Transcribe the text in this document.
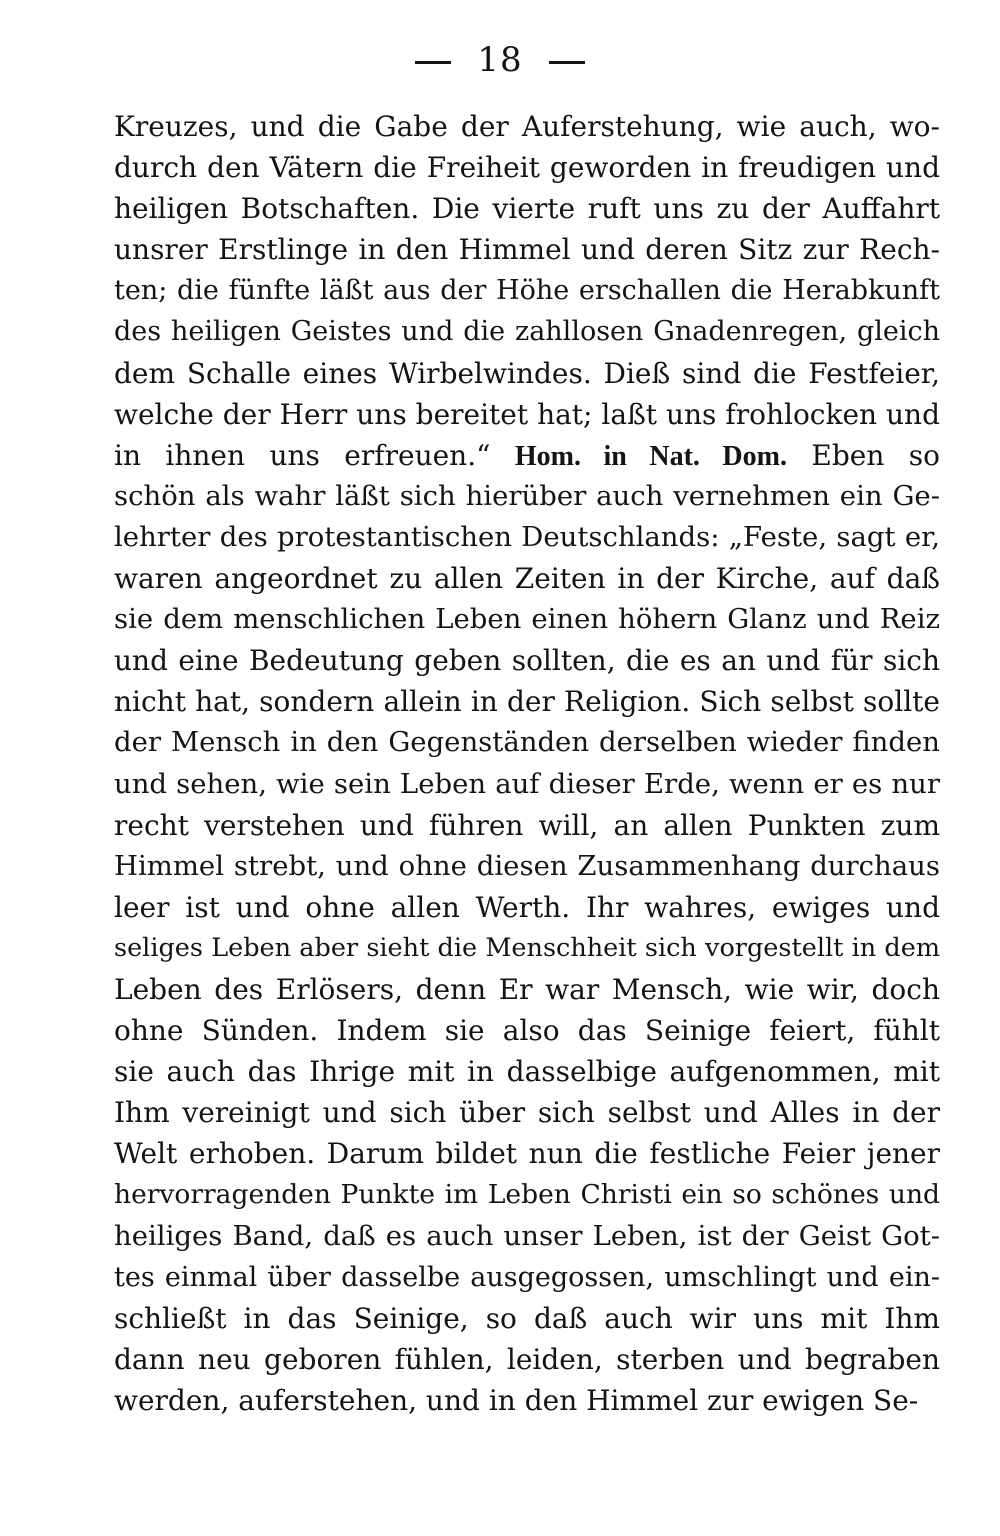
18
Kreuzes, und die Gabe der Auferstehung, wie auch, wo-
durch den Vätern die Freiheit geworden in freudigen und
heiligen Botschaften. Die vierte ruft uns zu der Auffahrt
unsrer Erstlinge in den Himmel und deren Sitz zur Rech-
ten; die fünfte läßt aus der Höhe erschallen die Herabkunft
des heiligen Geistes und die zahllosen Gnadenregen, gleich
dem Schalle eines Wirbelwindes. Dieß sind die Festfeier,
welche der Herr uns bereitet hat; laßt uns frohlocken und
in ihnen uns erfreuen.“ Hom. in Nat. Dom. Eben so
schön als wahr läßt sich hierüber auch vernehmen ein Ge-
lehrter des protestantischen Deutschlands: „Feste, sagt er,
waren angeordnet zu allen Zeiten in der Kirche, auf daß
sie dem menschlichen Leben einen höhern Glanz und Reiz
und eine Bedeutung geben sollten, die es an und für sich
nicht hat, sondern allein in der Religion. Sich selbst sollte
der Mensch in den Gegenständen derselben wieder finden
und sehen, wie sein Leben auf dieser Erde, wenn er es nur
recht verstehen und führen will, an allen Punkten zum
Himmel strebt, und ohne diesen Zusammenhang durchaus
leer ist und ohne allen Werth. Ihr wahres, ewiges und
seliges Leben aber sieht die Menschheit sich vorgestellt in dem
Leben des Erlösers, denn Er war Mensch, wie wir, doch
ohne Sünden. Indem sie also das Seinige feiert, fühlt
sie auch das Ihrige mit in dasselbige aufgenommen, mit
Ihm vereinigt und sich über sich selbst und Alles in der
Welt erhoben. Darum bildet nun die festliche Feier jener
hervorragenden Punkte im Leben Christi ein so schönes und
heiliges Band, daß es auch unser Leben, ist der Geist Got-
tes einmal über dasselbe ausgegossen, umschlingt und ein-
schließt in das Seinige, so daß auch wir uns mit Ihm
dann neu geboren fühlen, leiden, sterben und begraben
werden, auferstehen, und in den Himmel zur ewigen Se-
